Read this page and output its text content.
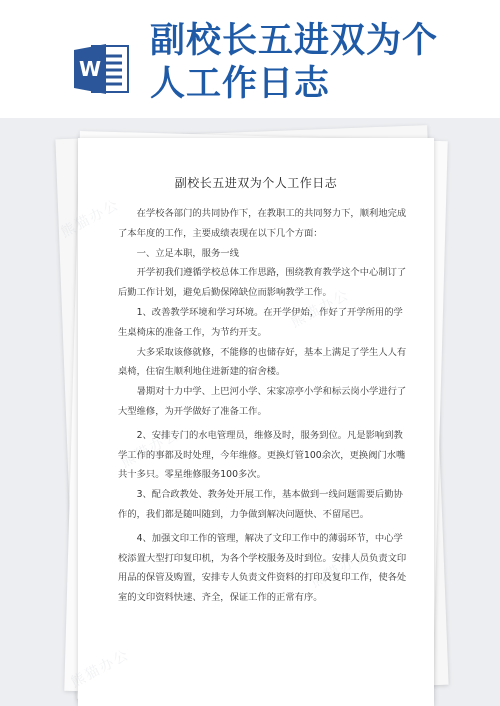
W
副校长五进双为个人工作日志
熊猫办公
熊猫办公
熊猫办公
熊猫办公
熊猫办公
副校长五进双为个人工作日志

在学校各部门的共同协作下，在教职工的共同努力下，顺利地完成了本年度的工作，主要成绩表现在以下几个方面：

一、立足本职，服务一线

开学初我们遵循学校总体工作思路，围绕教育教学这个中心制订了后勤工作计划，避免后勤保障缺位而影响教学工作。

1、改善教学环境和学习环境。在开学伊始，作好了开学所用的学生桌椅床的准备工作，为节约开支。

大多采取该修就修，不能修的也储存好，基本上满足了学生人人有桌椅，住宿生顺利地住进新建的宿舍楼。

暑期对十力中学、上巴河小学、宋家凉亭小学和标云岗小学进行了大型维修，为开学做好了准备工作。

2、安排专门的水电管理员，维修及时，服务到位。凡是影响到教学工作的事都及时处理，今年维修。更换灯管100余次，更换阀门水嘴共十多只。零星维修服务100多次。

3、配合政教处、教务处开展工作，基本做到一线问题需要后勤协作的，我们都是随叫随到，力争做到解决问题快、不留尾巴。

4、加强文印工作的管理，解决了文印工作中的薄弱环节，中心学校添置大型打印复印机，为各个学校服务及时到位。安排人员负责文印用品的保管及购置，安排专人负责文件资料的打印及复印工作，使各处室的文印资料快速、齐全，保证工作的正常有序。
